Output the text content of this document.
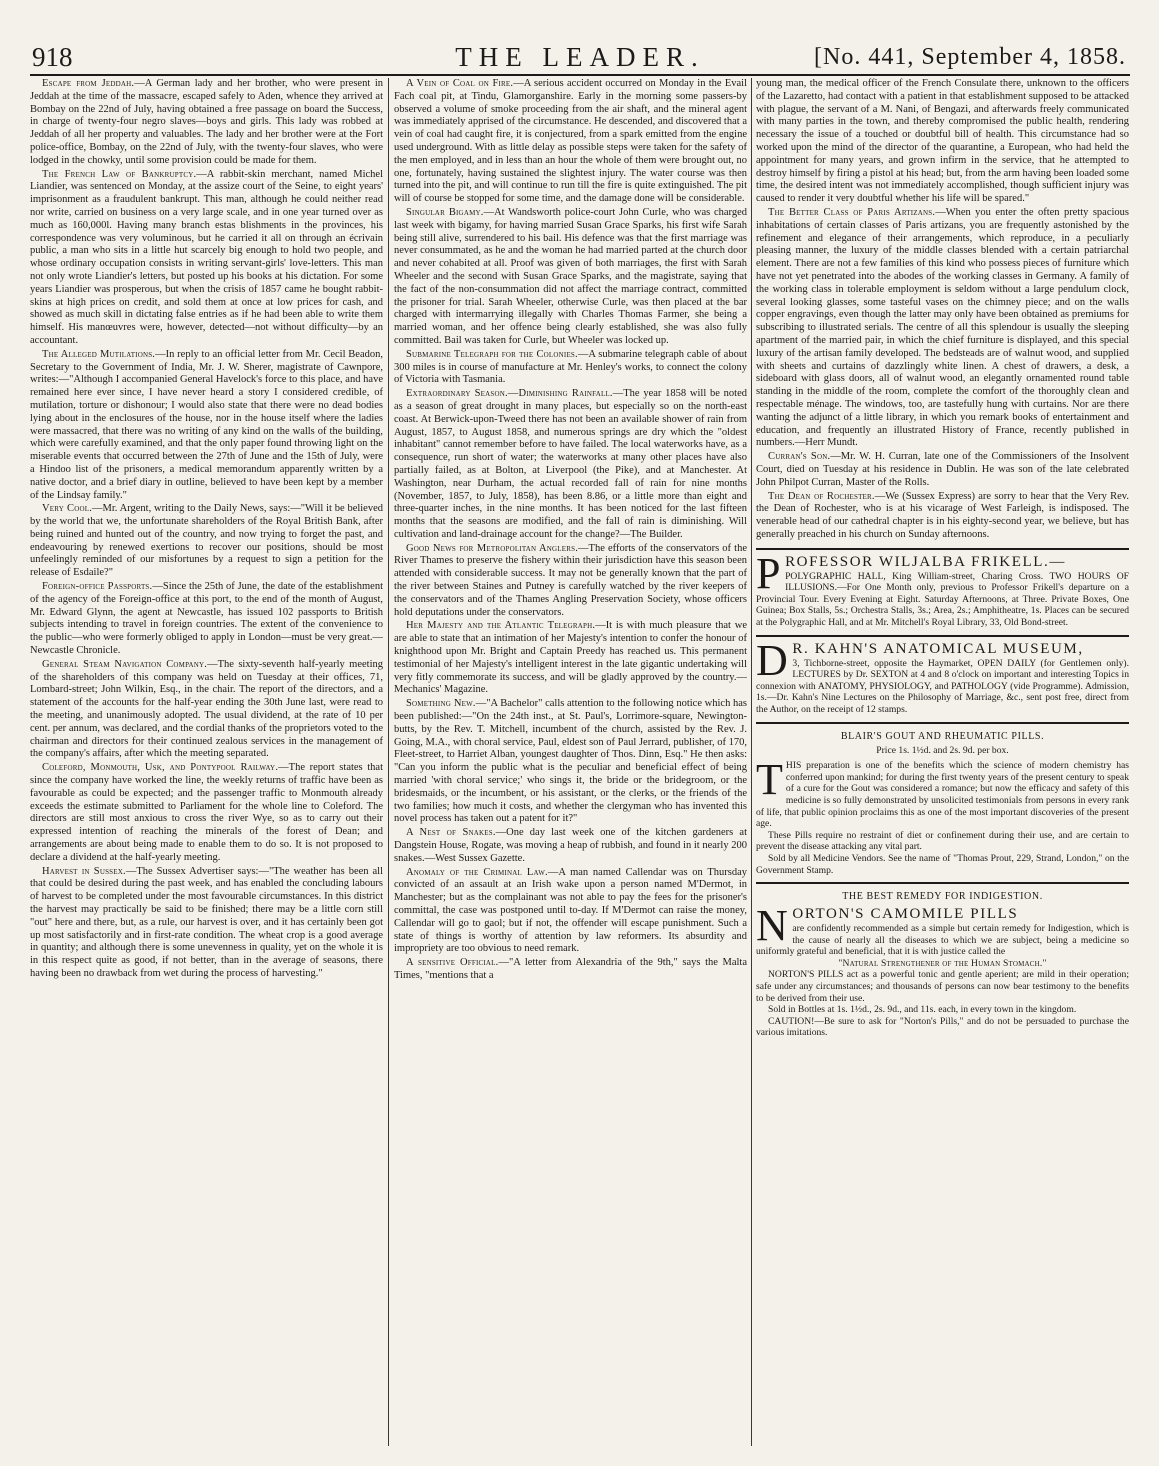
918	THE LEADER.	[No. 441, September 4, 1858.

Escape from Jeddah.—A German lady and her brother, who were present in Jeddah at the time of the massacre, escaped safely to Aden, whence they arrived at Bombay on the 22nd of July, having obtained a free passage on board the Success, in charge of twenty-four negro slaves—boys and girls. This lady was robbed at Jeddah of all her property and valuables. The lady and her brother were at the Fort police-office, Bombay, on the 22nd of July, with the twenty-four slaves, who were lodged in the chowky, until some provision could be made for them.

The French Law of Bankruptcy.—A rabbit-skin merchant, named Michel Liandier, was sentenced on Monday, at the assize court of the Seine, to eight years' imprisonment as a fraudulent bankrupt. This man, although he could neither read nor write, carried on business on a very large scale, and in one year turned over as much as 160,000l. Having many branch estas blishments in the provinces, his correspondence was very voluminous, but he carried it all on through an écrivain public, a man who sits in a little hut scarcely big enough to hold two people, and whose ordinary occupation consists in writing servant-girls' love-letters. This man not only wrote Liandier's letters, but posted up his books at his dictation. For some years Liandier was prosperous, but when the crisis of 1857 came he bought rabbit-skins at high prices on credit, and sold them at once at low prices for cash, and showed as much skill in dictating false entries as if he had been able to write them himself. His manœuvres were, however, detected—not without difficulty—by an accountant.

The Alleged Mutilations.—In reply to an official letter from Mr. Cecil Beadon, Secretary to the Government of India, Mr. J. W. Sherer, magistrate of Cawnpore, writes:—"Although I accompanied General Havelock's force to this place, and have remained here ever since, I have never heard a story I considered credible, of mutilation, torture or dishonour; I would also state that there were no dead bodies lying about in the enclosures of the house, nor in the house itself where the ladies were massacred, that there was no writing of any kind on the walls of the building, which were carefully examined, and that the only paper found throwing light on the miserable events that occurred between the 27th of June and the 15th of July, were a Hindoo list of the prisoners, a medical memorandum apparently written by a native doctor, and a brief diary in outline, believed to have been kept by a member of the Lindsay family."

Very Cool.—Mr. Argent, writing to the Daily News, says:—"Will it be believed by the world that we, the unfortunate shareholders of the Royal British Bank, after being ruined and hunted out of the country, and now trying to forget the past, and endeavouring by renewed exertions to recover our positions, should be most unfeelingly reminded of our misfortunes by a request to sign a petition for the release of Esdaile?"

Foreign-office Passports.—Since the 25th of June, the date of the establishment of the agency of the Foreign-office at this port, to the end of the month of August, Mr. Edward Glynn, the agent at Newcastle, has issued 102 passports to British subjects intending to travel in foreign countries. The extent of the convenience to the public—who were formerly obliged to apply in London—must be very great.—Newcastle Chronicle.

General Steam Navigation Company.—The sixty-seventh half-yearly meeting of the shareholders of this company was held on Tuesday at their offices, 71, Lombard-street; John Wilkin, Esq., in the chair. The report of the directors, and a statement of the accounts for the half-year ending the 30th June last, were read to the meeting, and unanimously adopted. The usual dividend, at the rate of 10 per cent. per annum, was declared, and the cordial thanks of the proprietors voted to the chairman and directors for their continued zealous services in the management of the company's affairs, after which the meeting separated.

Coleford, Monmouth, Usk, and Pontypool Railway.—The report states that since the company have worked the line, the weekly returns of traffic have been as favourable as could be expected; and the passenger traffic to Monmouth already exceeds the estimate submitted to Parliament for the whole line to Coleford. The directors are still most anxious to cross the river Wye, so as to carry out their expressed intention of reaching the minerals of the forest of Dean; and arrangements are about being made to enable them to do so. It is not proposed to declare a dividend at the half-yearly meeting.

Harvest in Sussex.—The Sussex Advertiser says:—"The weather has been all that could be desired during the past week, and has enabled the concluding labours of harvest to be completed under the most favourable circumstances. In this district the harvest may practically be said to be finished; there may be a little corn still "out" here and there, but, as a rule, our harvest is over, and it has certainly been got up most satisfactorily and in first-rate condition. The wheat crop is a good average in quantity; and although there is some unevenness in quality, yet on the whole it is in this respect quite as good, if not better, than in the average of seasons, there having been no drawback from wet during the process of harvesting."

A Vein of Coal on Fire.—A serious accident occurred on Monday in the Evail Fach coal pit, at Tindu, Glamorganshire. Early in the morning some passers-by observed a volume of smoke proceeding from the air shaft, and the mineral agent was immediately apprised of the circumstance. He descended, and discovered that a vein of coal had caught fire, it is conjectured, from a spark emitted from the engine used underground. With as little delay as possible steps were taken for the safety of the men employed, and in less than an hour the whole of them were brought out, no one, fortunately, having sustained the slightest injury. The water course was then turned into the pit, and will continue to run till the fire is quite extinguished. The pit will of course be stopped for some time, and the damage done will be considerable.

Singular Bigamy.—At Wandsworth police-court John Curle, who was charged last week with bigamy, for having married Susan Grace Sparks, his first wife Sarah being still alive, surrendered to his bail. His defence was that the first marriage was never consummated, as he and the woman he had married parted at the church door and never cohabited at all. Proof was given of both marriages, the first with Sarah Wheeler and the second with Susan Grace Sparks, and the magistrate, saying that the fact of the non-consummation did not affect the marriage contract, committed the prisoner for trial. Sarah Wheeler, otherwise Curle, was then placed at the bar charged with intermarrying illegally with Charles Thomas Farmer, she being a married woman, and her offence being clearly established, she was also fully committed. Bail was taken for Curle, but Wheeler was locked up.

Submarine Telegraph for the Colonies.—A submarine telegraph cable of about 300 miles is in course of manufacture at Mr. Henley's works, to connect the colony of Victoria with Tasmania.

Extraordinary Season.—Diminishing Rainfall.—The year 1858 will be noted as a season of great drought in many places, but especially so on the north-east coast. At Berwick-upon-Tweed there has not been an available shower of rain from August, 1857, to August 1858, and numerous springs are dry which the "oldest inhabitant" cannot remember before to have failed. The local waterworks have, as a consequence, run short of water; the waterworks at many other places have also partially failed, as at Bolton, at Liverpool (the Pike), and at Manchester. At Washington, near Durham, the actual recorded fall of rain for nine months (November, 1857, to July, 1858), has been 8.86, or a little more than eight and three-quarter inches, in the nine months. It has been noticed for the last fifteen months that the seasons are modified, and the fall of rain is diminishing. Will cultivation and land-drainage account for the change?—The Builder.

Good News for Metropolitan Anglers.—The efforts of the conservators of the River Thames to preserve the fishery within their jurisdiction have this season been attended with considerable success. It may not be generally known that the part of the river between Staines and Putney is carefully watched by the river keepers of the conservators and of the Thames Angling Preservation Society, whose officers hold deputations under the conservators.

Her Majesty and the Atlantic Telegraph.—It is with much pleasure that we are able to state that an intimation of her Majesty's intention to confer the honour of knighthood upon Mr. Bright and Captain Preedy has reached us. This permanent testimonial of her Majesty's intelligent interest in the late gigantic undertaking will very fitly commemorate its success, and will be gladly approved by the country.—Mechanics' Magazine.

Something New.—"A Bachelor" calls attention to the following notice which has been published:—"On the 24th inst., at St. Paul's, Lorrimore-square, Newington-butts, by the Rev. T. Mitchell, incumbent of the church, assisted by the Rev. J. Going, M.A., with choral service, Paul, eldest son of Paul Jerrard, publisher, of 170, Fleet-street, to Harriet Alban, youngest daughter of Thos. Dinn, Esq." He then asks: "Can you inform the public what is the peculiar and beneficial effect of being married 'with choral service;' who sings it, the bride or the bridegroom, or the bridesmaids, or the incumbent, or his assistant, or the clerks, or the friends of the two families; how much it costs, and whether the clergyman who has invented this novel process has taken out a patent for it?"

A Nest of Snakes.—One day last week one of the kitchen gardeners at Dangstein House, Rogate, was moving a heap of rubbish, and found in it nearly 200 snakes.—West Sussex Gazette.

Anomaly of the Criminal Law.—A man named Callendar was on Thursday convicted of an assault at an Irish wake upon a person named M'Dermot, in Manchester; but as the complainant was not able to pay the fees for the prisoner's committal, the case was postponed until to-day. If M'Dermot can raise the money, Callendar will go to gaol; but if not, the offender will escape punishment. Such a state of things is worthy of attention by law reformers. Its absurdity and impropriety are too obvious to need remark.

A sensitive Official.—"A letter from Alexandria of the 9th," says the Malta Times, "mentions that a

young man, the medical officer of the French Consulate there, unknown to the officers of the Lazaretto, had contact with a patient in that establishment supposed to be attacked with plague, the servant of a M. Nani, of Bengazi, and afterwards freely communicated with many parties in the town, and thereby compromised the public health, rendering necessary the issue of a touched or doubtful bill of health. This circumstance had so worked upon the mind of the director of the quarantine, a European, who had held the appointment for many years, and grown infirm in the service, that he attempted to destroy himself by firing a pistol at his head; but, from the arm having been loaded some time, the desired intent was not immediately accomplished, though sufficient injury was caused to render it very doubtful whether his life will be spared."

The Better Class of Paris Artizans.—When you enter the often pretty spacious inhabitations of certain classes of Paris artizans, you are frequently astonished by the refinement and elegance of their arrangements, which reproduce, in a peculiarly pleasing manner, the luxury of the middle classes blended with a certain patriarchal element. There are not a few families of this kind who possess pieces of furniture which have not yet penetrated into the abodes of the working classes in Germany. A family of the working class in tolerable employment is seldom without a large pendulum clock, several looking glasses, some tasteful vases on the chimney piece; and on the walls copper engravings, even though the latter may only have been obtained as premiums for subscribing to illustrated serials. The centre of all this splendour is usually the sleeping apartment of the married pair, in which the chief furniture is displayed, and this special luxury of the artisan family developed. The bedsteads are of walnut wood, and supplied with sheets and curtains of dazzlingly white linen. A chest of drawers, a desk, a sideboard with glass doors, all of walnut wood, an elegantly ornamented round table standing in the middle of the room, complete the comfort of the thoroughly clean and respectable ménage. The windows, too, are tastefully hung with curtains. Nor are there wanting the adjunct of a little library, in which you remark books of entertainment and education, and frequently an illustrated History of France, recently published in numbers.—Herr Mundt.

Curran's Son.—Mr. W. H. Curran, late one of the Commissioners of the Insolvent Court, died on Tuesday at his residence in Dublin. He was son of the late celebrated John Philpot Curran, Master of the Rolls.

The Dean of Rochester.—We (Sussex Express) are sorry to hear that the Very Rev. the Dean of Rochester, who is at his vicarage of West Farleigh, is indisposed. The venerable head of our cathedral chapter is in his eighty-second year, we believe, but has generally preached in his church on Sunday afternoons.

PROFESSOR WILJALBA FRIKELL.—
POLYGRAPHIC HALL, King William-street, Charing Cross. TWO HOURS OF ILLUSIONS.—For One Month only, previous to Professor Frikell's departure on a Provincial Tour. Every Evening at Eight. Saturday Afternoons, at Three. Private Boxes, One Guinea; Box Stalls, 5s.; Orchestra Stalls, 3s.; Area, 2s.; Amphitheatre, 1s. Places can be secured at the Polygraphic Hall, and at Mr. Mitchell's Royal Library, 33, Old Bond-street.
D R. KAHN'S ANATOMICAL MUSEUM,
3, Tichborne-street, opposite the Haymarket, OPEN DAILY (for Gentlemen only). LECTURES by Dr. SEXTON at 4 and 8 o'clock on important and interesting Topics in connexion with ANATOMY, PHYSIOLOGY, and PATHOLOGY (vide Programme). Admission, 1s.—Dr. Kahn's Nine Lectures on the Philosophy of Marriage, &c., sent post free, direct from the Author, on the receipt of 12 stamps.
BLAIR'S GOUT AND RHEUMATIC PILLS.
Price 1s. 1½d. and 2s. 9d. per box.
THIS preparation is one of the benefits which the science of modern chemistry has conferred upon mankind; for during the first twenty years of the present century to speak of a cure for the Gout was considered a romance; but now the efficacy and safety of this medicine is so fully demonstrated by unsolicited testimonials from persons in every rank of life, that public opinion proclaims this as one of the most important discoveries of the present age.
These Pills require no restraint of diet or confinement during their use, and are certain to prevent the disease attacking any vital part.
Sold by all Medicine Vendors. See the name of "Thomas Prout, 229, Strand, London," on the Government Stamp.
THE BEST REMEDY FOR INDIGESTION.
NORTON'S CAMOMILE PILLS
are confidently recommended as a simple but certain remedy for Indigestion, which is the cause of nearly all the diseases to which we are subject, being a medicine so uniformly grateful and beneficial, that it is with justice called the
"Natural Strengthener of the Human Stomach."
NORTON'S PILLS act as a powerful tonic and gentle aperient; are mild in their operation; safe under any circumstances; and thousands of persons can now bear testimony to the benefits to be derived from their use.
Sold in Bottles at 1s. 1½d., 2s. 9d., and 11s. each, in every town in the kingdom.
CAUTION!—Be sure to ask for "Norton's Pills," and do not be persuaded to purchase the various imitations.
